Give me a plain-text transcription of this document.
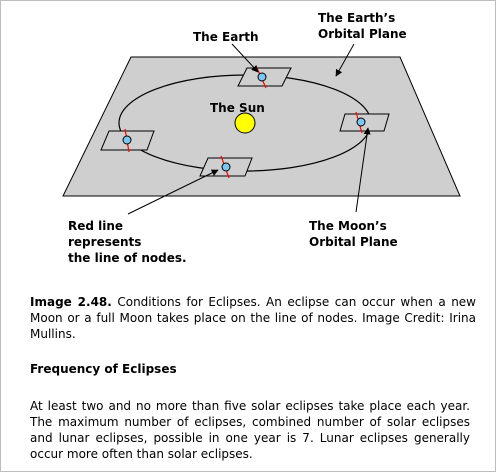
The Earth
The Earth’s
Orbital Plane
The Sun
Red line
represents
the line of nodes.
The Moon’s
Orbital Plane
Image 2.48. Conditions for Eclipses. An eclipse can occur when a new Moon or a full Moon takes place on the line of nodes. Image Credit: Irina Mullins.
Frequency of Eclipses
At least two and no more than five solar eclipses take place each year. The maximum number of eclipses, combined number of solar eclipses and lunar eclipses, possible in one year is 7. Lunar eclipses generally occur more often than solar eclipses.
